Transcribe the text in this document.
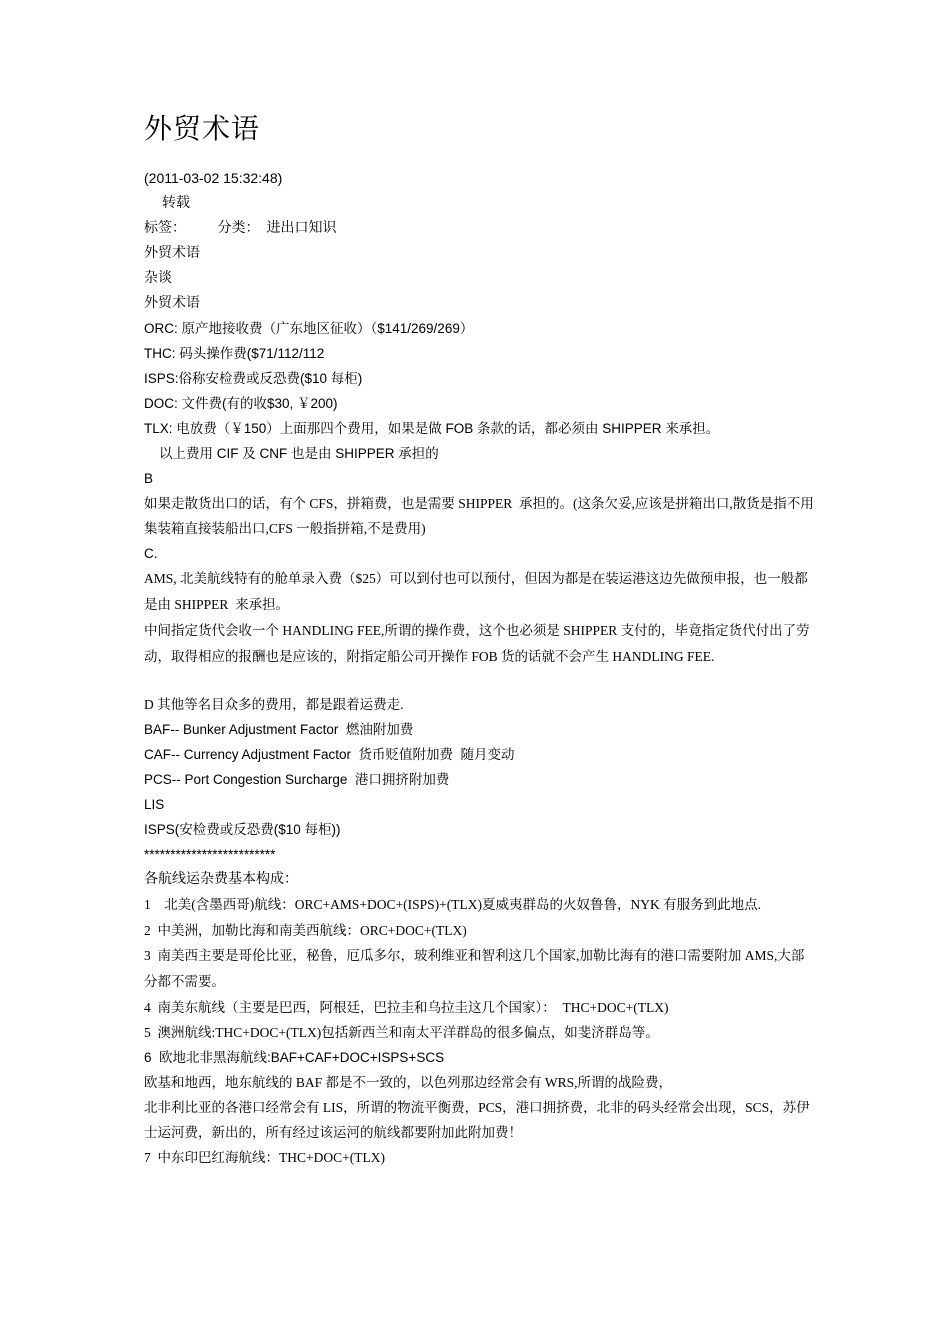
外贸术语
(2011-03-02 15:32:48)
转载
标签：         分类：  进出口知识
外贸术语
杂谈
外贸术语
ORC: 原产地接收费（广东地区征收）（$141/269/269）
THC: 码头操作费($71/112/112
ISPS:俗称安检费或反恐费($10 每柜)
DOC: 文件费(有的收$30, ￥200)
TLX: 电放费（￥150）上面那四个费用，如果是做 FOB 条款的话，都必须由 SHIPPER 来承担。
以上费用 CIF 及 CNF 也是由 SHIPPER 承担的
B
如果走散货出口的话，有个 CFS，拼箱费，也是需要 SHIPPER  承担的。(这条欠妥,应该是拼箱出口,散货是指不用集装箱直接装船出口,CFS 一般指拼箱,不是费用)
C.
AMS, 北美航线特有的舱单录入费（$25）可以到付也可以预付，但因为都是在装运港这边先做预申报，也一般都是由 SHIPPER  来承担。
中间指定货代会收一个 HANDLING FEE,所谓的操作费，这个也必须是 SHIPPER 支付的，毕竟指定货代付出了劳动，取得相应的报酬也是应该的，附指定船公司开操作 FOB 货的话就不会产生 HANDLING FEE.
D 其他等名目众多的费用，都是跟着运费走.
BAF-- Bunker Adjustment Factor  燃油附加费
CAF-- Currency Adjustment Factor  货币贬值附加费  随月变动
PCS-- Port Congestion Surcharge  港口拥挤附加费
LIS
ISPS(安检费或反恐费($10 每柜))
*************************
各航线运杂费基本构成：
1    北美(含墨西哥)航线：ORC+AMS+DOC+(ISPS)+(TLX)夏威夷群岛的火奴鲁鲁，NYK 有服务到此地点.
2  中美洲，加勒比海和南美西航线：ORC+DOC+(TLX)
3  南美西主要是哥伦比亚，秘鲁，厄瓜多尔，玻利维亚和智利这几个国家,加勒比海有的港口需要附加 AMS,大部分都不需要。
4  南美东航线（主要是巴西，阿根廷，巴拉圭和乌拉圭这几个国家）：  THC+DOC+(TLX)
5  澳洲航线:THC+DOC+(TLX)包括新西兰和南太平洋群岛的很多偏点，如斐济群岛等。
6  欧地北非黑海航线:BAF+CAF+DOC+ISPS+SCS
欧基和地西，地东航线的 BAF 都是不一致的，以色列那边经常会有 WRS,所谓的战险费，
北非利比亚的各港口经常会有 LIS，所谓的物流平衡费，PCS，港口拥挤费，北非的码头经常会出现，SCS，苏伊士运河费，新出的，所有经过该运河的航线都要附加此附加费！
7  中东印巴红海航线：THC+DOC+(TLX)
